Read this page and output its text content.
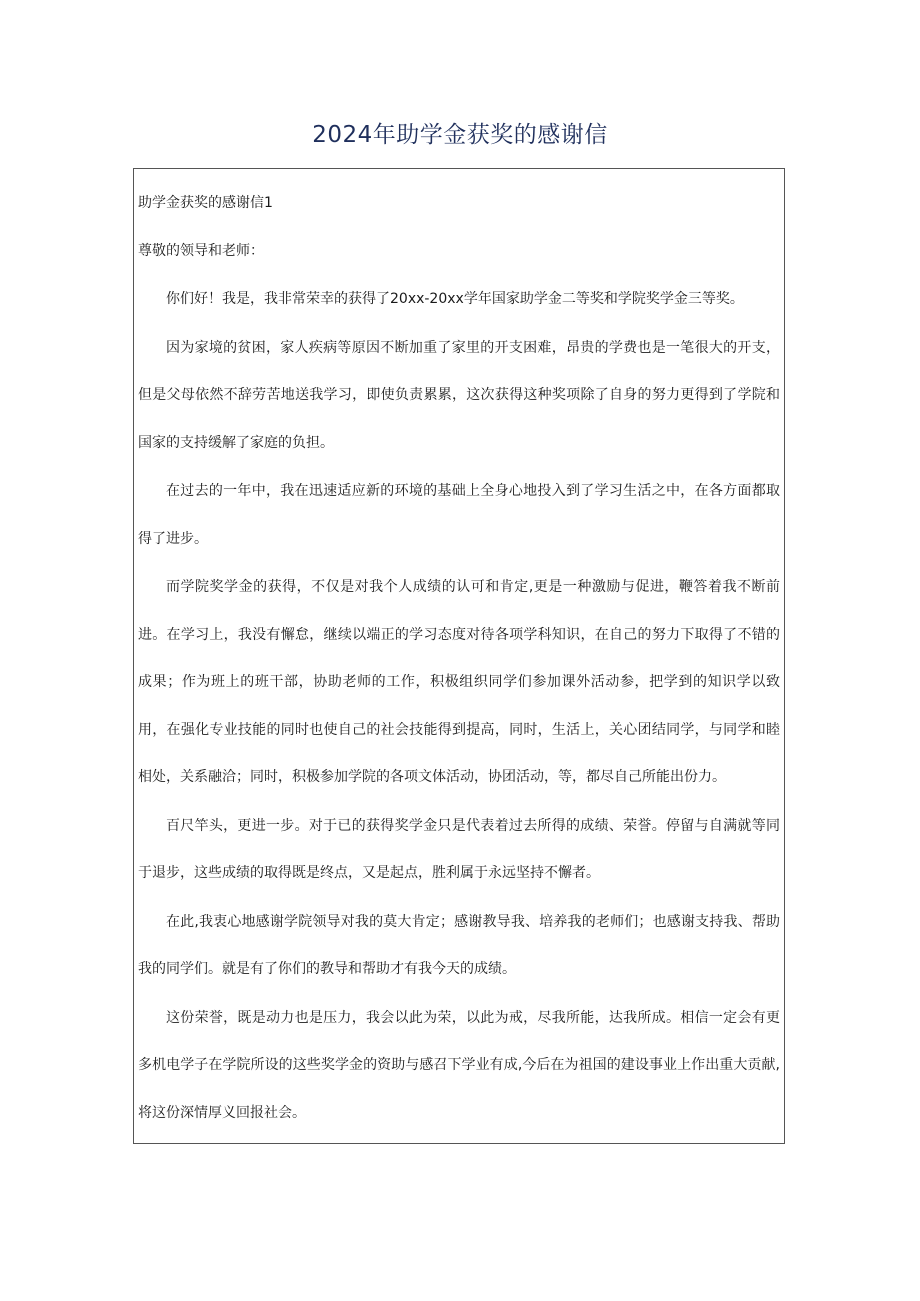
2024年助学金获奖的感谢信

助学金获奖的感谢信1

尊敬的领导和老师：

你们好！我是，我非常荣幸的获得了20xx-20xx学年国家助学金二等奖和学院奖学金三等奖。

因为家境的贫困，家人疾病等原因不断加重了家里的开支困难，昂贵的学费也是一笔很大的开支，但是父母依然不辞劳苦地送我学习，即使负责累累，这次获得这种奖项除了自身的努力更得到了学院和国家的支持缓解了家庭的负担。

在过去的一年中，我在迅速适应新的环境的基础上全身心地投入到了学习生活之中，在各方面都取得了进步。

而学院奖学金的获得，不仅是对我个人成绩的认可和肯定,更是一种激励与促进，鞭答着我不断前进。在学习上，我没有懈怠，继续以端正的学习态度对待各项学科知识，在自己的努力下取得了不错的成果；作为班上的班干部，协助老师的工作，积极组织同学们参加课外活动参，把学到的知识学以致用，在强化专业技能的同时也使自己的社会技能得到提高，同时，生活上，关心团结同学，与同学和睦相处，关系融洽；同时，积极参加学院的各项文体活动，协团活动，等，都尽自己所能出份力。

百尺竿头，更进一步。对于已的获得奖学金只是代表着过去所得的成绩、荣誉。停留与自满就等同于退步，这些成绩的取得既是终点，又是起点，胜利属于永远坚持不懈者。

在此,我衷心地感谢学院领导对我的莫大肯定；感谢教导我、培养我的老师们；也感谢支持我、帮助我的同学们。就是有了你们的教导和帮助才有我今天的成绩。

这份荣誉，既是动力也是压力，我会以此为荣，以此为戒，尽我所能，达我所成。相信一定会有更多机电学子在学院所设的这些奖学金的资助与感召下学业有成,今后在为祖国的建设事业上作出重大贡献,将这份深情厚义回报社会。
